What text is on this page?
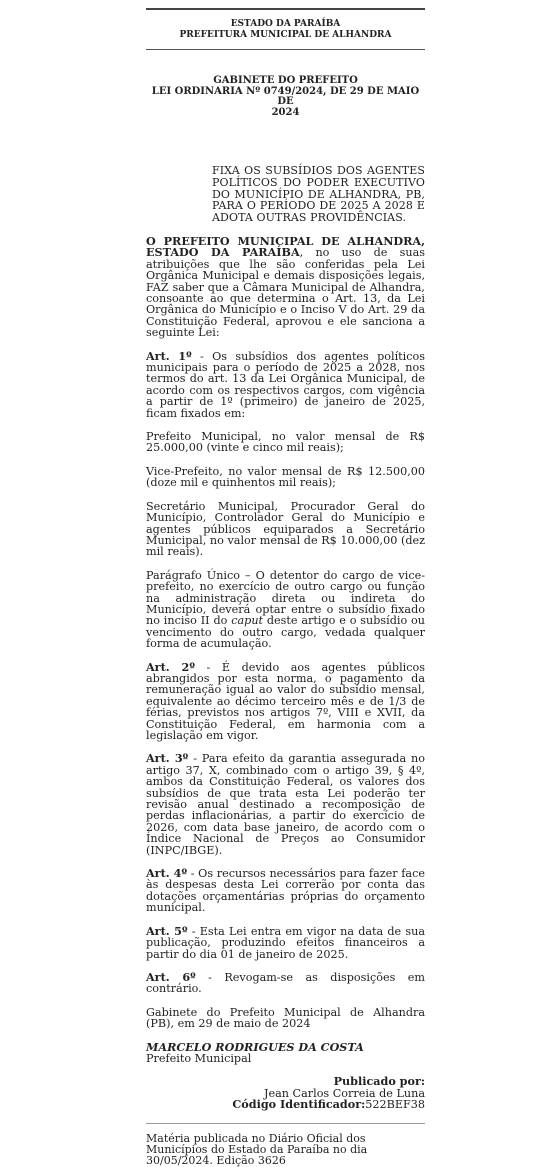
ESTADO DA PARAÍBA
PREFEITURA MUNICIPAL DE ALHANDRA
GABINETE DO PREFEITO
LEI ORDINARIA Nº 0749/2024, DE 29 DE MAIO DE
2024
FIXA OS SUBSÍDIOS DOS AGENTES POLÍTICOS DO PODER EXECUTIVO DO MUNICÍPIO DE ALHANDRA, PB, PARA O PERÍODO DE 2025 A 2028 E ADOTA OUTRAS PROVIDÊNCIAS.

O PREFEITO MUNICIPAL DE ALHANDRA, ESTADO DA PARAÍBA, no uso de suas atribuições que lhe são conferidas pela Lei Orgânica Municipal e demais disposições legais, FAZ saber que a Câmara Municipal de Alhandra, consoante ao que determina o Art. 13, da Lei Orgânica do Município e o Inciso V do Art. 29 da Constituição Federal, aprovou e ele sanciona a seguinte Lei:

Art. 1º - Os subsídios dos agentes políticos municipais para o período de 2025 a 2028, nos termos do art. 13 da Lei Orgânica Municipal, de acordo com os respectivos cargos, com vigência a partir de 1º (primeiro) de janeiro de 2025, ficam fixados em:

Prefeito Municipal, no valor mensal de R$ 25.000,00 (vinte e cinco mil reais);

Vice-Prefeito, no valor mensal de R$ 12.500,00 (doze mil e quinhentos mil reais);

Secretário Municipal, Procurador Geral do Município, Controlador Geral do Município e agentes públicos equiparados a Secretário Municipal, no valor mensal de R$ 10.000,00 (dez mil reais).

Parágrafo Único – O detentor do cargo de vice-prefeito, no exercício de outro cargo ou função na administração direta ou indireta do Município, deverá optar entre o subsídio fixado no inciso II do caput deste artigo e o subsídio ou vencimento do outro cargo, vedada qualquer forma de acumulação.

Art. 2º - É devido aos agentes públicos abrangidos por esta norma, o pagamento da remuneração igual ao valor do subsídio mensal, equivalente ao décimo terceiro mês e de 1/3 de férias, previstos nos artigos 7º, VIII e XVII, da Constituição Federal, em harmonia com a legislação em vigor.

Art. 3º - Para efeito da garantia assegurada no artigo 37, X, combinado com o artigo 39, § 4º, ambos da Constituição Federal, os valores dos subsídios de que trata esta Lei poderão ter revisão anual destinado a recomposição de perdas inflacionárias, a partir do exercício de 2026, com data base janeiro, de acordo com o Índice Nacional de Preços ao Consumidor (INPC/IBGE).

Art. 4º - Os recursos necessários para fazer face às despesas desta Lei correrão por conta das dotações orçamentárias próprias do orçamento municipal.

Art. 5º - Esta Lei entra em vigor na data de sua publicação, produzindo efeitos financeiros a partir do dia 01 de janeiro de 2025.

Art. 6º - Revogam-se as disposições em contrário.

Gabinete do Prefeito Municipal de Alhandra (PB), em 29 de maio de 2024

MARCELO RODRIGUES DA COSTA
Prefeito Municipal
Publicado por:
Jean Carlos Correia de Luna
Código Identificador:522BEF38
Matéria publicada no Diário Oficial dos Municípios do Estado da Paraíba no dia 30/05/2024. Edição 3626
